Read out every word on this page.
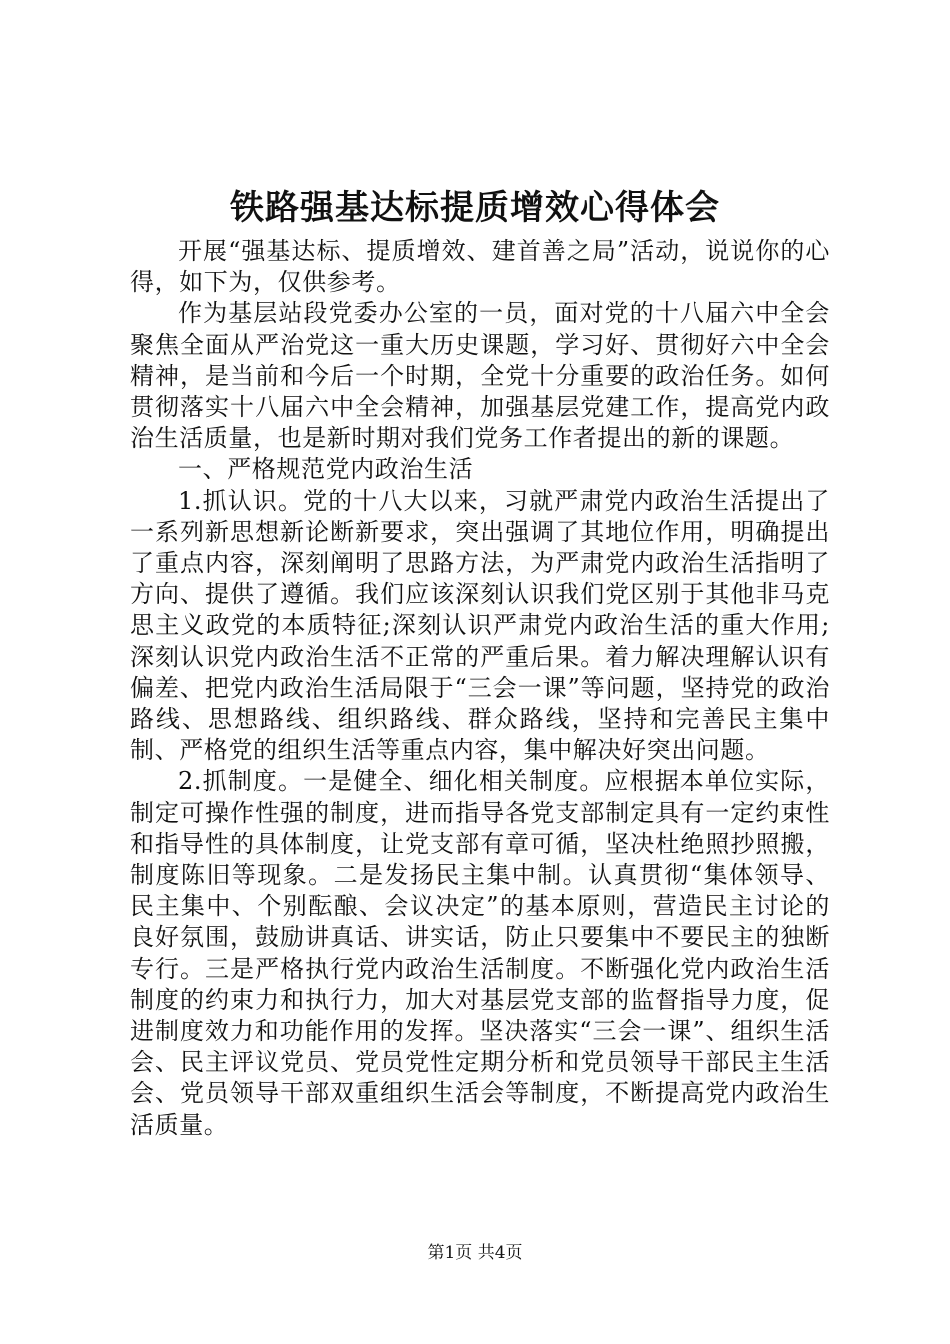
铁路强基达标提质增效心得体会

开展“强基达标、提质增效、建首善之局”活动，说说你的心得，如下为，仅供参考。

作为基层站段党委办公室的一员，面对党的十八届六中全会聚焦全面从严治党这一重大历史课题，学习好、贯彻好六中全会精神，是当前和今后一个时期，全党十分重要的政治任务。如何贯彻落实十八届六中全会精神，加强基层党建工作，提高党内政治生活质量，也是新时期对我们党务工作者提出的新的课题。

一、严格规范党内政治生活

1.抓认识。党的十八大以来，习就严肃党内政治生活提出了一系列新思想新论断新要求，突出强调了其地位作用，明确提出了重点内容，深刻阐明了思路方法，为严肃党内政治生活指明了方向、提供了遵循。我们应该深刻认识我们党区别于其他非马克思主义政党的本质特征;深刻认识严肃党内政治生活的重大作用;深刻认识党内政治生活不正常的严重后果。着力解决理解认识有偏差、把党内政治生活局限于“三会一课”等问题，坚持党的政治路线、思想路线、组织路线、群众路线，坚持和完善民主集中制、严格党的组织生活等重点内容，集中解决好突出问题。

2.抓制度。一是健全、细化相关制度。应根据本单位实际，制定可操作性强的制度，进而指导各党支部制定具有一定约束性和指导性的具体制度，让党支部有章可循，坚决杜绝照抄照搬，制度陈旧等现象。二是发扬民主集中制。认真贯彻“集体领导、民主集中、个别酝酿、会议决定”的基本原则，营造民主讨论的良好氛围，鼓励讲真话、讲实话，防止只要集中不要民主的独断专行。三是严格执行党内政治生活制度。不断强化党内政治生活制度的约束力和执行力，加大对基层党支部的监督指导力度，促进制度效力和功能作用的发挥。坚决落实“三会一课”、组织生活会、民主评议党员、党员党性定期分析和党员领导干部民主生活会、党员领导干部双重组织生活会等制度，不断提高党内政治生活质量。

第1页 共4页
